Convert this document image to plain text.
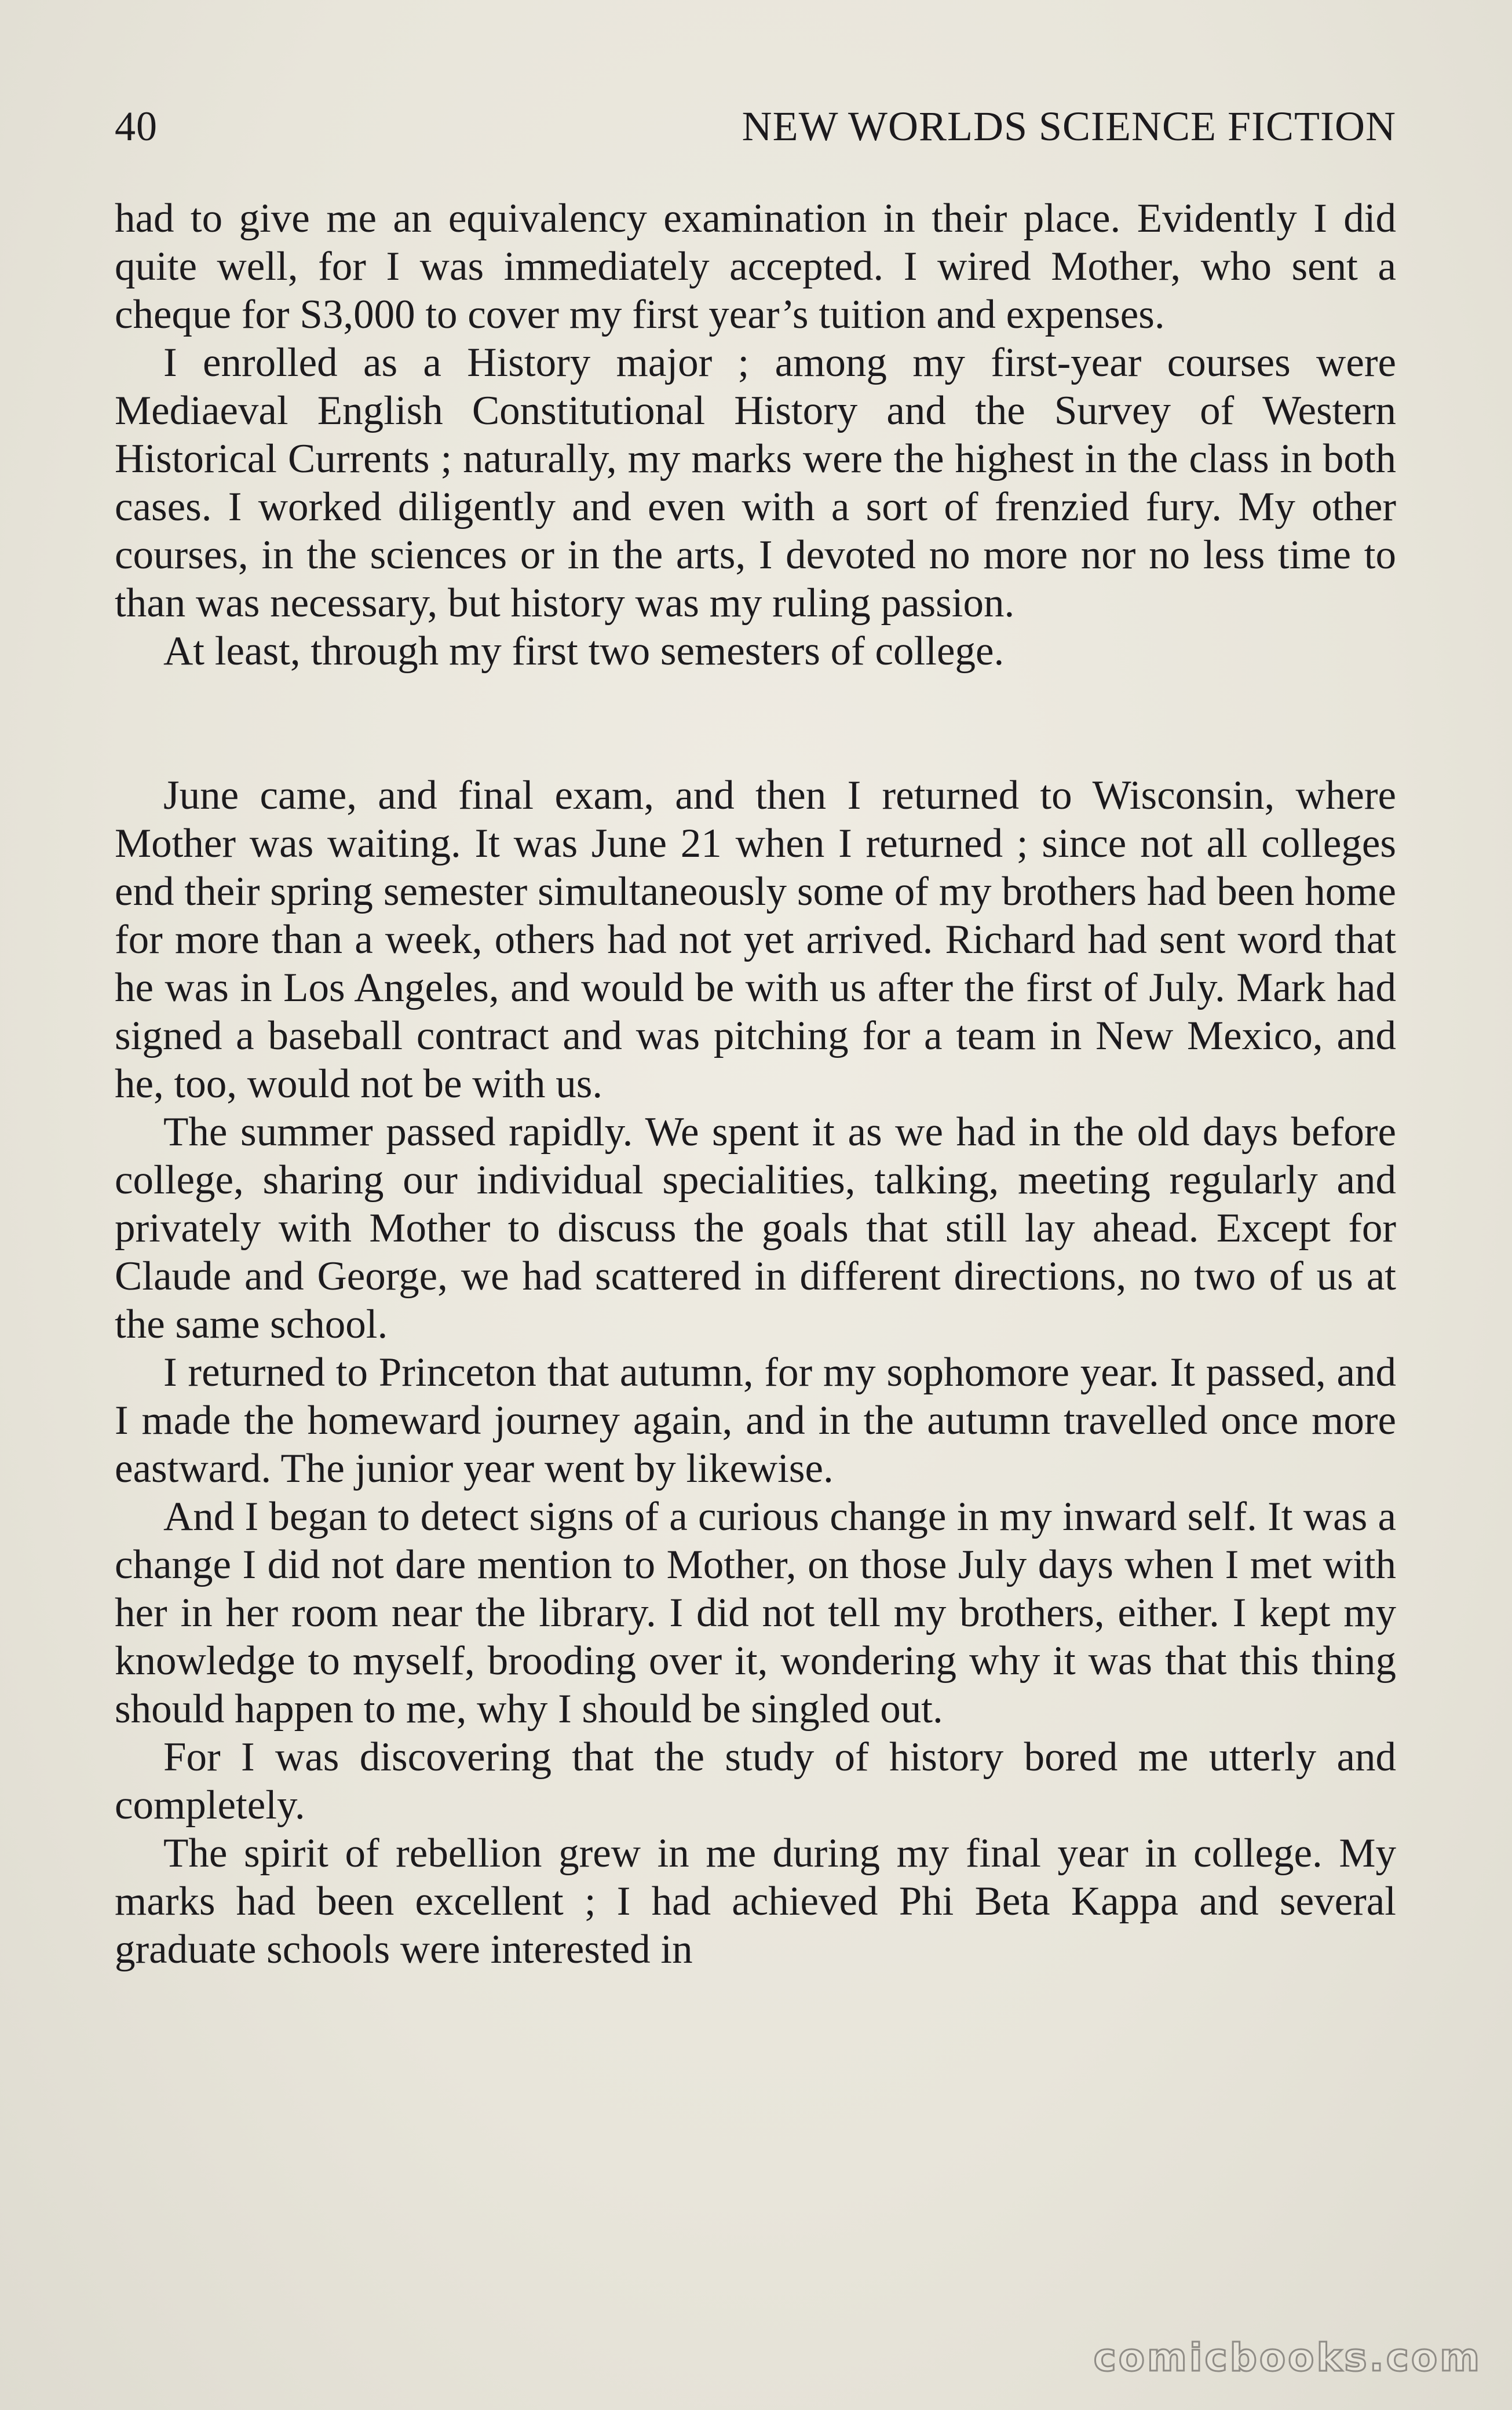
40	NEW WORLDS SCIENCE FICTION

had to give me an equivalency examination in their place. Evidently I did quite well, for I was immediately accepted. I wired Mother, who sent a cheque for S3,000 to cover my first year’s tuition and expenses.

I enrolled as a History major ; among my first-year courses were Mediaeval English Constitutional History and the Survey of Western Historical Currents ; naturally, my marks were the highest in the class in both cases. I worked diligently and even with a sort of frenzied fury. My other courses, in the sciences or in the arts, I devoted no more nor no less time to than was necessary, but history was my ruling passion.

At least, through my first two semesters of college.

June came, and final exam, and then I returned to Wisconsin, where Mother was waiting. It was June 21 when I returned ; since not all colleges end their spring semester simultaneously some of my brothers had been home for more than a week, others had not yet arrived. Richard had sent word that he was in Los Angeles, and would be with us after the first of July. Mark had signed a baseball contract and was pitching for a team in New Mexico, and he, too, would not be with us.

The summer passed rapidly. We spent it as we had in the old days before college, sharing our individual specialities, talking, meeting regularly and privately with Mother to discuss the goals that still lay ahead. Except for Claude and George, we had scattered in different directions, no two of us at the same school.

I returned to Princeton that autumn, for my sophomore year. It passed, and I made the homeward journey again, and in the autumn travelled once more eastward. The junior year went by likewise.

And I began to detect signs of a curious change in my inward self. It was a change I did not dare mention to Mother, on those July days when I met with her in her room near the library. I did not tell my brothers, either. I kept my knowledge to myself, brooding over it, wondering why it was that this thing should happen to me, why I should be singled out.

For I was discovering that the study of history bored me utterly and completely.

The spirit of rebellion grew in me during my final year in college. My marks had been excellent ; I had achieved Phi Beta Kappa and several graduate schools were interested in

comicbooks.com
